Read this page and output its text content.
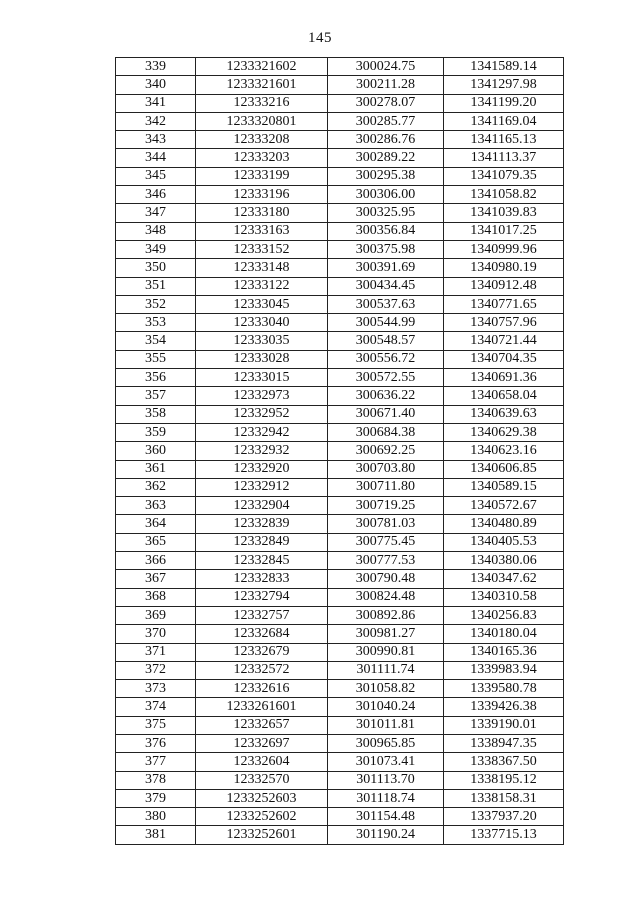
145
339	1233321602	300024.75	1341589.14
340	1233321601	300211.28	1341297.98
341	12333216	300278.07	1341199.20
342	1233320801	300285.77	1341169.04
343	12333208	300286.76	1341165.13
344	12333203	300289.22	1341113.37
345	12333199	300295.38	1341079.35
346	12333196	300306.00	1341058.82
347	12333180	300325.95	1341039.83
348	12333163	300356.84	1341017.25
349	12333152	300375.98	1340999.96
350	12333148	300391.69	1340980.19
351	12333122	300434.45	1340912.48
352	12333045	300537.63	1340771.65
353	12333040	300544.99	1340757.96
354	12333035	300548.57	1340721.44
355	12333028	300556.72	1340704.35
356	12333015	300572.55	1340691.36
357	12332973	300636.22	1340658.04
358	12332952	300671.40	1340639.63
359	12332942	300684.38	1340629.38
360	12332932	300692.25	1340623.16
361	12332920	300703.80	1340606.85
362	12332912	300711.80	1340589.15
363	12332904	300719.25	1340572.67
364	12332839	300781.03	1340480.89
365	12332849	300775.45	1340405.53
366	12332845	300777.53	1340380.06
367	12332833	300790.48	1340347.62
368	12332794	300824.48	1340310.58
369	12332757	300892.86	1340256.83
370	12332684	300981.27	1340180.04
371	12332679	300990.81	1340165.36
372	12332572	301111.74	1339983.94
373	12332616	301058.82	1339580.78
374	1233261601	301040.24	1339426.38
375	12332657	301011.81	1339190.01
376	12332697	300965.85	1338947.35
377	12332604	301073.41	1338367.50
378	12332570	301113.70	1338195.12
379	1233252603	301118.74	1338158.31
380	1233252602	301154.48	1337937.20
381	1233252601	301190.24	1337715.13
